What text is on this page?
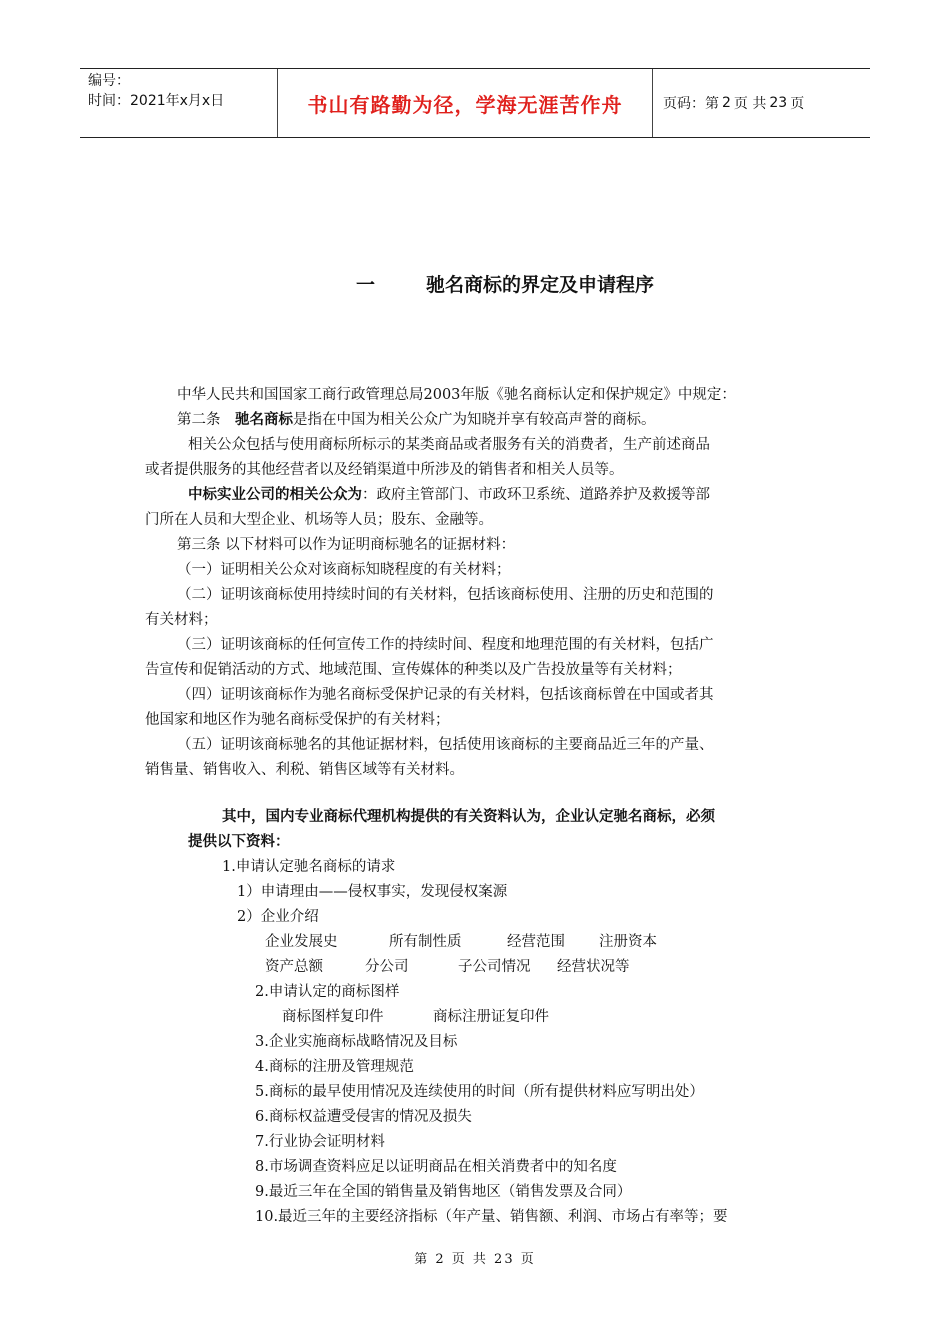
编号：
时间：2021年x月x日	书山有路勤为径，学海无涯苦作舟	页码：第 2 页 共 23 页
一	驰名商标的界定及申请程序
中华人民共和国国家工商行政管理总局2003年版《驰名商标认定和保护规定》中规定：
第二条　驰名商标是指在中国为相关公众广为知晓并享有较高声誉的商标。
相关公众包括与使用商标所标示的某类商品或者服务有关的消费者，生产前述商品
或者提供服务的其他经营者以及经销渠道中所涉及的销售者和相关人员等。
中标实业公司的相关公众为：政府主管部门、市政环卫系统、道路养护及救援等部
门所在人员和大型企业、机场等人员；股东、金融等。
第三条 以下材料可以作为证明商标驰名的证据材料：
（一）证明相关公众对该商标知晓程度的有关材料；
（二）证明该商标使用持续时间的有关材料，包括该商标使用、注册的历史和范围的
有关材料；
（三）证明该商标的任何宣传工作的持续时间、程度和地理范围的有关材料，包括广
告宣传和促销活动的方式、地域范围、宣传媒体的种类以及广告投放量等有关材料；
（四）证明该商标作为驰名商标受保护记录的有关材料，包括该商标曾在中国或者其
他国家和地区作为驰名商标受保护的有关材料；
（五）证明该商标驰名的其他证据材料，包括使用该商标的主要商品近三年的产量、
销售量、销售收入、利税、销售区域等有关材料。
其中，国内专业商标代理机构提供的有关资料认为，企业认定驰名商标，必须
提供以下资料：
1.申请认定驰名商标的请求
1）申请理由——侵权事实，发现侵权案源
2）企业介绍
企业发展史	所有制性质	经营范围 注册资本
资产总额	分公司	子公司情况 经营状况等
2.申请认定的商标图样
商标图样复印件	商标注册证复印件
3.企业实施商标战略情况及目标
4.商标的注册及管理规范
5.商标的最早使用情况及连续使用的时间（所有提供材料应写明出处）
6.商标权益遭受侵害的情况及损失
7.行业协会证明材料
8.市场调查资料应足以证明商品在相关消费者中的知名度
9.最近三年在全国的销售量及销售地区（销售发票及合同）
10.最近三年的主要经济指标（年产量、销售额、利润、市场占有率等；要
第 2 页 共 23 页
